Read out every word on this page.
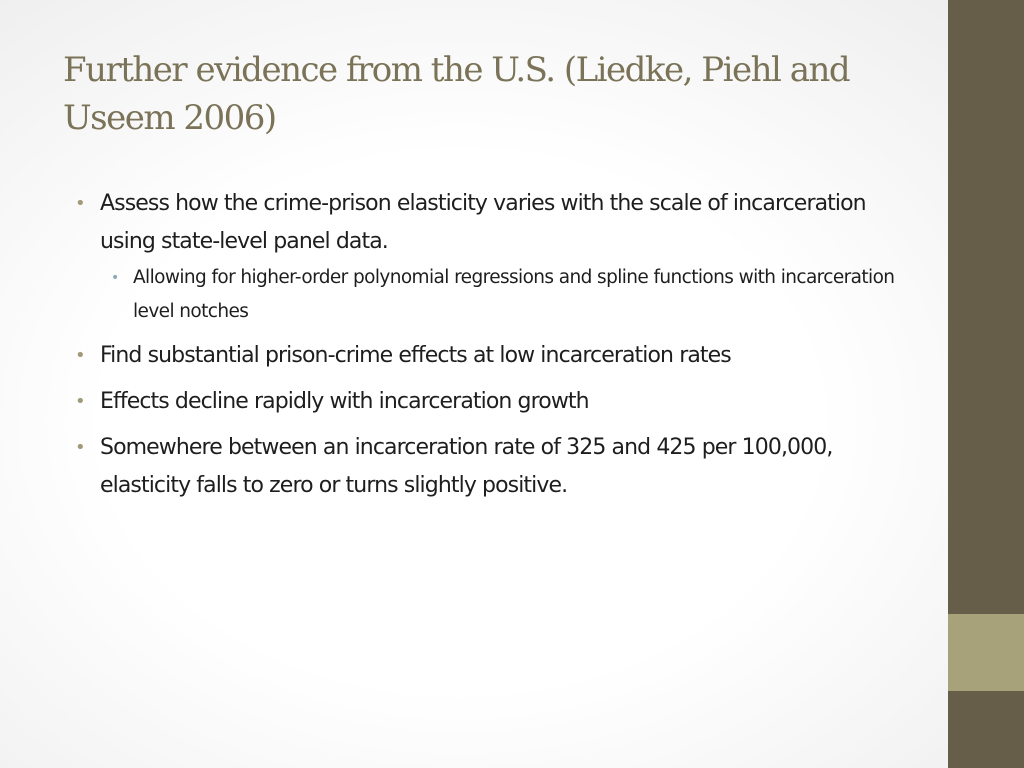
Further evidence from the U.S. (Liedke, Piehl and Useem 2006)
• Assess how the crime-prison elasticity varies with the scale of incarceration using state-level panel data.
• Allowing for higher-order polynomial regressions and spline functions with incarceration level notches
• Find substantial prison-crime effects at low incarceration rates
• Effects decline rapidly with incarceration growth
• Somewhere between an incarceration rate of 325 and 425 per 100,000, elasticity falls to zero or turns slightly positive.
